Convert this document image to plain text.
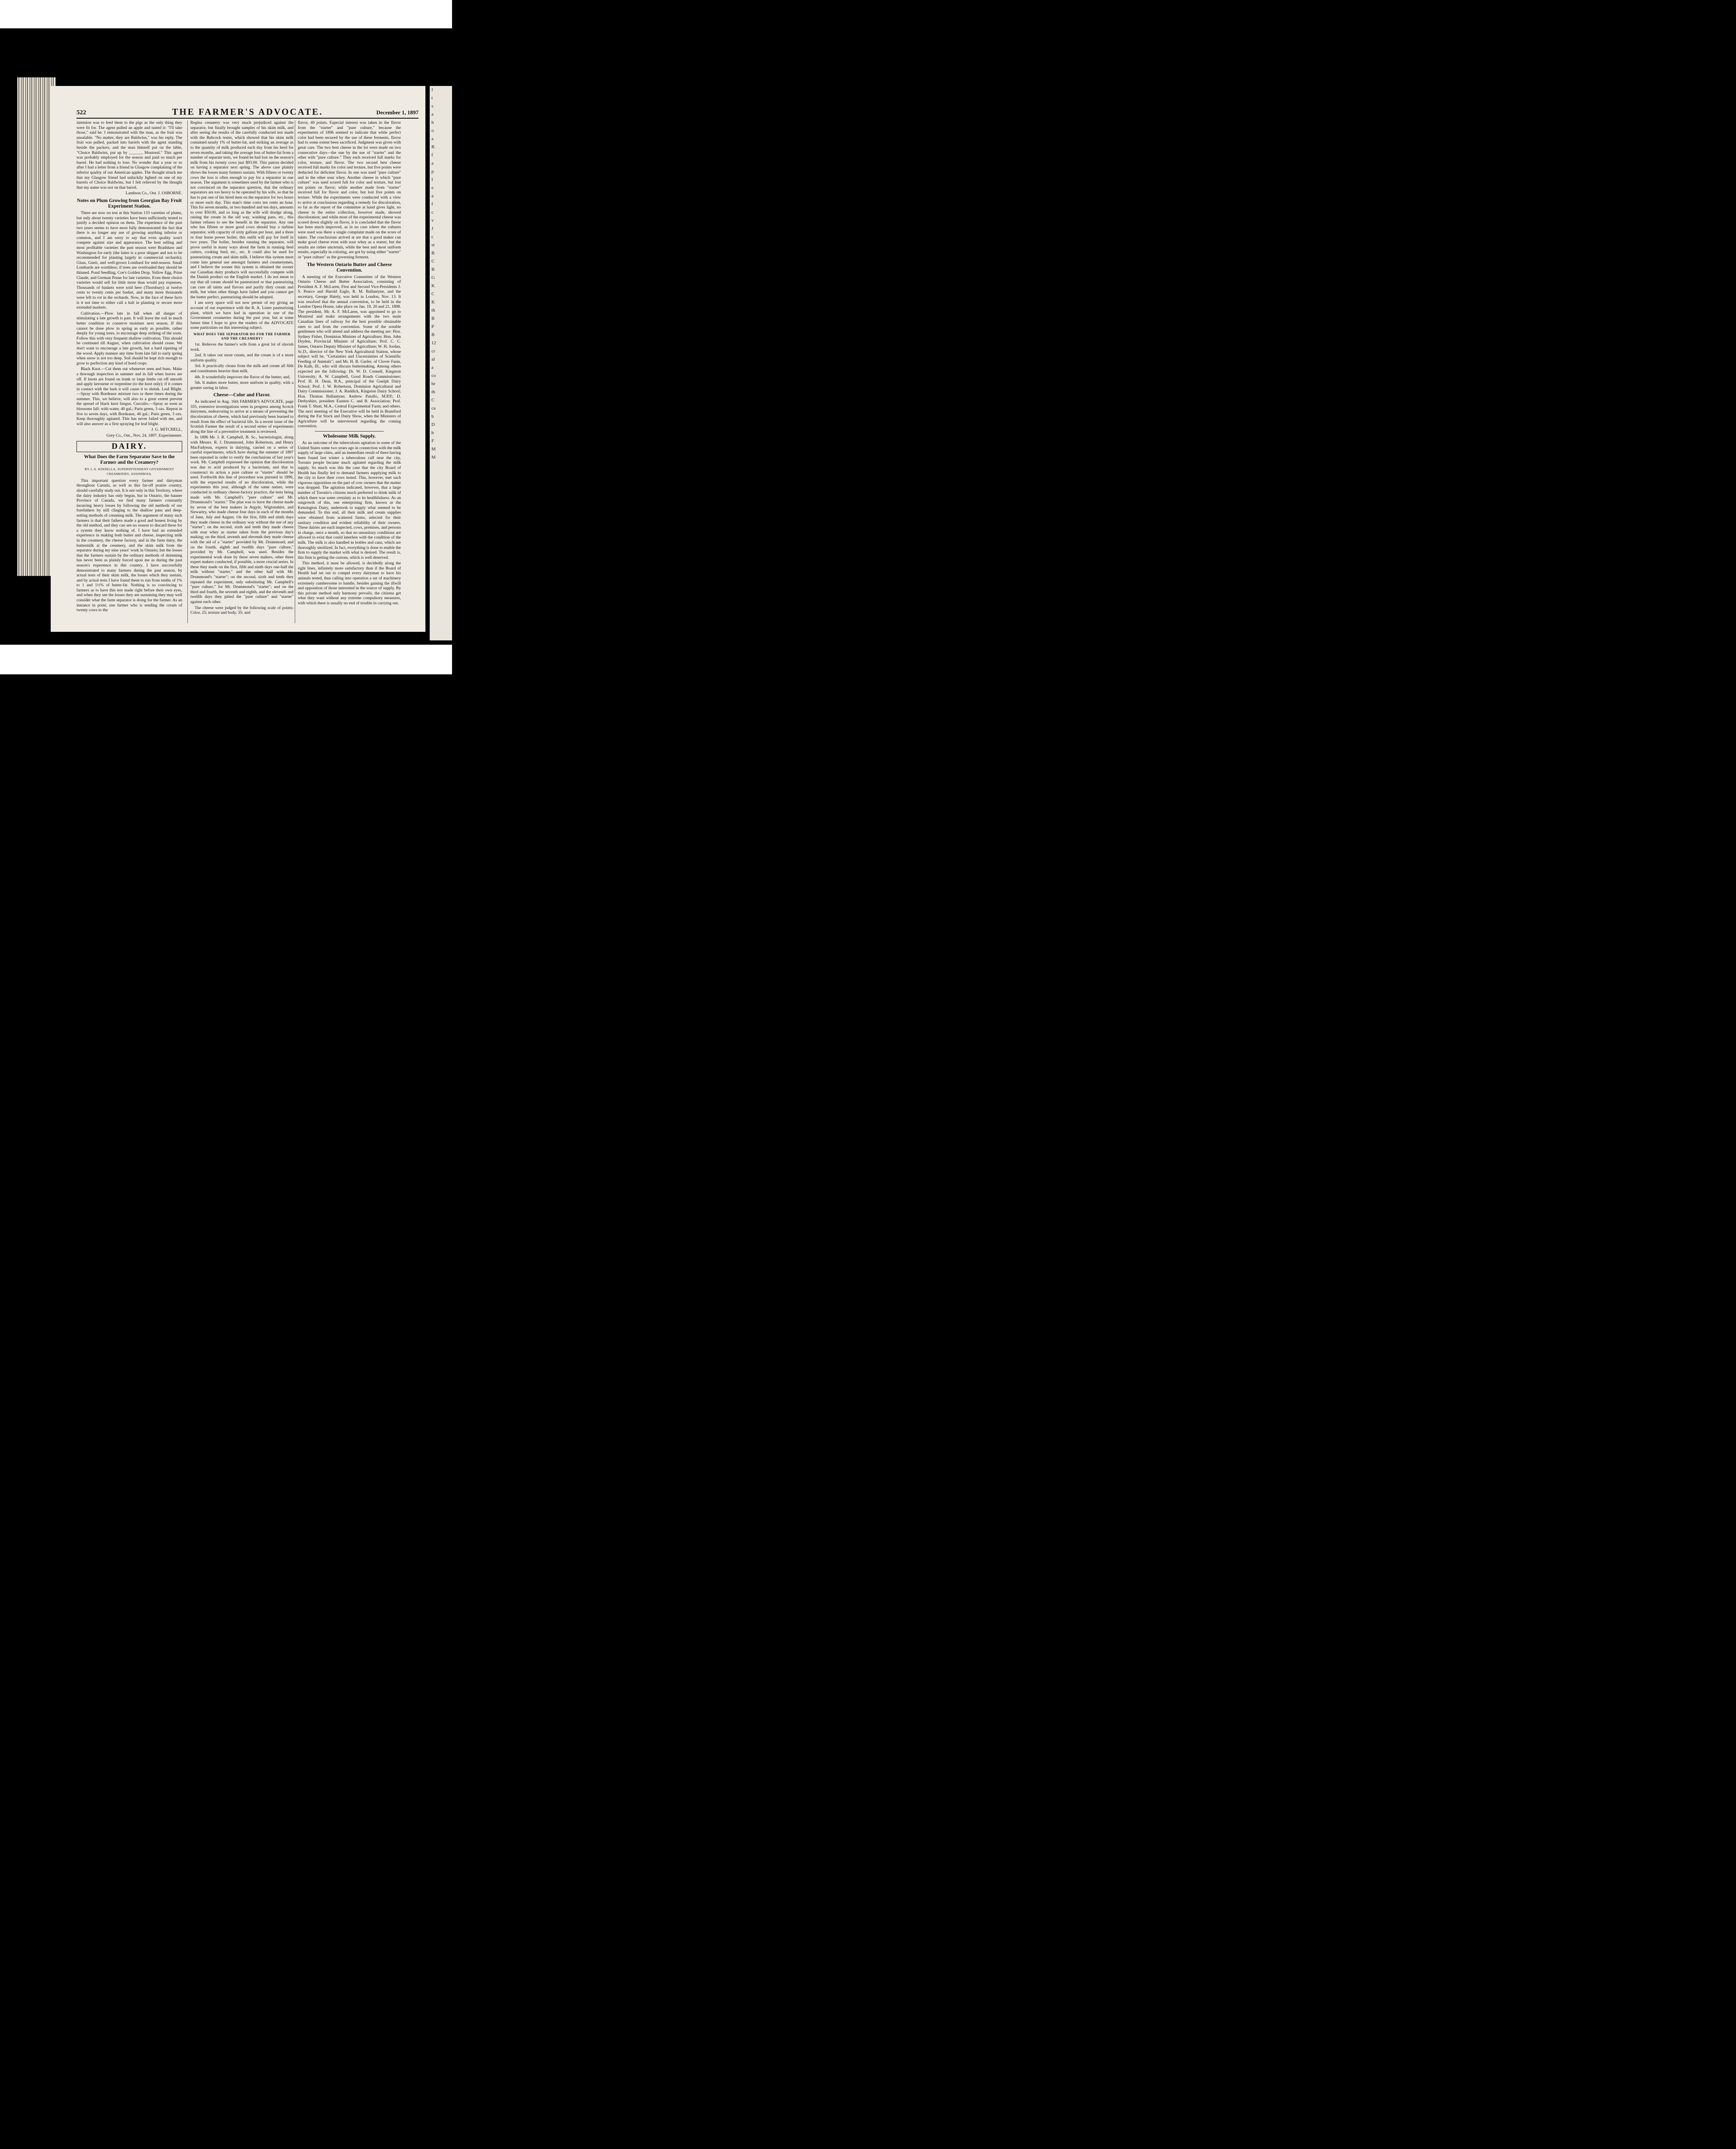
522	THE FARMER'S ADVOCATE.	December 1, 1897

intention was to feed them to the pigs as the only thing they were fit for. The agent pulled an apple and tasted it: "I'll take those," said he. I remonstrated with the man, as the fruit was unsalable. "No matter, they are Baldwins," was his reply. The fruit was pulled, packed into barrels with the agent standing beside the packers, and the man himself put on the lable, "Choice Baldwins, put up by ______, Montreal." This agent was probably employed for the season and paid so much per barrel. He had nothing to lose. No wonder that a year or so after I had a letter from a friend in Glasgow complaining of the inferior quality of our American apples. The thought struck me that my Glasgow friend had unluckily lighted on one of my barrels of Choice Baldwins, but I felt relieved by the thought that my name was not on that barrel.

Lambton Co., Ont. J. OSBORNE.
Notes on Plum Growing from Georgian Bay Fruit Experiment Station.

There are now on test at this Station 133 varieties of plums, but only about twenty varieties have been sufficiently tested to justify a decided opinion on them. The experience of the past two years seems to have most fully demonstrated the fact that there is no longer any use of growing anything inferior or common, and I am sorry to say that even quality won't compete against size and appearance. The best selling and most profitable varieties the past season were Bradshaw and Washington for early (the latter is a poor shipper and not to be recommended for planting largely in commercial orchards); Glass, Gueii, and well-grown Lombard for mid-season. Small Lombards are worthless; if trees are overloaded they should be thinned. Pond Seedling, Coe's Golden Drop, Yellow Egg, Prine Claude, and German Prune for late varieties. Even these choice varieties would sell for little more than would pay expenses. Thousands of baskets were sold here (Thornbury) at twelve cents to twenty cents per basket, and many more thousands were left to rot in the orchards. Now, in the face of these facts is it not time to either call a halt in planting or secure more extended markets.

Cultivation.—Plow late in fall when all danger of stimulating a late growth is past. It will leave the soil in much better condition to conserve moisture next season. If this cannot be done plow in spring as early as possible, rather deeply for young trees, to encourage deep striking of the roots. Follow this with very frequent shallow cultivation. This should be continued till August, when cultivation should cease. We don't want to encourage a late growth, but a hard ripening of the wood. Apply manure any time from late fall to early spring when snow is not too deep. Soil should be kept rich enough to grow to perfection any kind of hoed crops.

Black Knot.—Cut them out whenever seen and burn. Make a thorough inspection in summer and in fall when leaves are off. If knots are found on trunk or large limbs cut off smooth and apply kerosene or turpentine (to the knot only); if it comes in contact with the bark it will cause it to shrink. Leaf Blight.—Spray with Bordeaux mixture two or three times during the summer. This, we believe, will also to a great extent prevent the spread of black knot fungus. Curculio.—Spray as soon as blossoms fall: with water, 40 gal.; Paris green, 3 ozs. Repeat in five to seven days, with Bordeaux, 40 gal.; Paris green, 3 ozs. Keep thoroughly agitated. This has never failed with me, and will also answer as a first spraying for leaf blight.

J. G. MITCHELL,
Grey Co., Ont., Nov. 24, 1897. Experimenter.
DAIRY.
What Does the Farm Separator Save to the Farmer and the Creamery?
BY J. A. KINSELLA, SUPERINTENDENT GOVERNMENT CREAMERIES, ASSINIBOIA.

This important question every farmer and dairyman throughout Canada, as well as this far-off prairie country, should carefully study out. It is not only in this Territory, where the dairy industry has only begun, but in Ontario, the banner Province of Canada, we find many farmers constantly incurring heavy losses by following the old methods of our forefathers by still clinging to the shallow pans and deep-setting methods of creaming milk. The argument of many such farmers is that their fathers made a good and honest living by the old method, and they can see no reason to discard these for a system they know nothing of. I have had an extended experience in making both butter and cheese, inspecting milk in the creamery, the cheese factory, and in the farm dairy, the buttermilk at the creamery, and the skim milk from the separator during my nine years' work in Ontario; but the losses that the farmers sustain by the ordinary methods of skimming has never been as plainly forced upon me as during the past season's experience in this country. I have successfully demonstrated to many farmers during the past season, by actual tests of their skim milk, the losses which they sustain, and by actual tests I have found these to run from tenths of 1% to 1 and 1½% of butter-fat. Nothing is so convincing to farmers as to have this test made right before their own eyes, and when they see the losses they are sustaining they may well consider what the farm separator is doing for the farmer. As an instance in point, one farmer who is sending the cream of twenty cows to the

Regina creamery was very much prejudiced against the separator, but finally brought samples of his skim milk, and after seeing the results of the carefully conducted test made with the Babcock tester, which showed that his skim milk contained nearly 1% of butter-fat, and striking an average as to the quantity of milk produced each day from his herd for seven months, and taking the average loss of butter-fat from a number of separate tests, we found he had lost on the season's milk from his twenty cows just $93.00. This patron decided on having a separator next spring. The above case plainly shows the losses many farmers sustain. With fifteen or twenty cows the loss is often enough to pay for a separator in one season. The argument is sometimes used by the farmer who is not convinced on the separator question, that the ordinary separators are too heavy to be operated by his wife, so that he has to put one of his hired men on the separator for two hours or more each day. This man's time costs ten cents an hour. This for seven months, or two hundred and ten days, amounts to over $50.00, and so long as the wife will drudge along, raising the cream in the old way, washing pans, etc., this farmer refuses to see the benefit in the separator. Any one who has fifteen or more good cows should buy a turbine separator, with capacity of sixty gallons per hour, and a three or four horse power boiler; this outfit will pay for itself in two years. The boiler, besides running the separator, will prove useful in many ways about the farm in running feed cutters, cooking feed, etc., etc. It could also be used for pasteurizing cream and skim milk. I believe this system must come into general use amongst farmers and creamerymen, and I believe the sooner this system is obtained the sooner our Canadian dairy products will successfully compete with the Danish product on the English market. I do not mean to say that all cream should be pasteurized or that pasteurizing can cure all taints and flavors and purify dirty cream and milk, but when other things have failed and you cannot get the butter perfect, pasteurizing should be adopted.

I am sorry space will not now permit of my giving an account of our experience with the R. A. Lister pasteurizing plant, which we have had in operation in one of the Government creameries during the past year, but at some future time I hope to give the readers of the ADVOCATE some particulars on this interesting subject.

WHAT DOES THE SEPARATOR DO FOR THE FARMER AND THE CREAMERY?

1st. Relieves the farmer's wife from a great lot of slavish work.

2nd. It takes out more cream, and the cream is of a more uniform quality.

3rd. It practically cleans from the milk and cream all filth and constituents heavier than milk.

4th. It wonderfully improves the flavor of the butter; and,

5th. It makes more butter, more uniform in quality, with a greater saving in labor.

Cheese—Color and Flavor.

As indicated in Aug. 16th FARMER'S ADVOCATE, page 355, extensive investigations were in progress among Scotch dairymen, endeavoring to arrive at a means of preventing the discoloration of cheese, which had previously been learned to result from the effect of bacterial life. In a recent issue of the Scottish Farmer the result of a second series of experiments along the line of a preventive treatment is reviewed.

In 1896 Mr. J. R. Campbell, B. Sc., bacteriologist, along with Messrs. R. J. Drummond, John Robertson, and Henry MacFadyean, experts in dairying, carried on a series of careful experiments, which have during the summer of 1897 been repeated in order to verify the conclusions of last year's work. Mr. Campbell expressed the opinion that discoloration was due to acid produced by a bacterium, and that to counteract its action a pure culture or "starter" should be used. Forthwith this line of procedure was pursued in 1896, with the expected results of no discoloration, while the experiments this year, although of the same nature, were conducted in ordinary cheese-factory practice, the tests being made with Mr. Campbell's "pure culture" and Mr. Drummond's "starter." The plan was to have the cheese made by seven of the best makers in Argyle, Wigtonshire, and Stewartry, who made cheese four days in each of the months of June, July and August. On the first, fifth and ninth days they made cheese in the ordinary way without the use of any "starter"; on the second, sixth and tenth they made cheese with sour whey as starter taken from the previous day's making; on the third, seventh and eleventh they made cheese with the aid of a "starter" provided by Mr. Drummond; and on the fourth, eighth and twelfth days "pure culture," provided by Mr. Campbell, was used. Besides the experimental work done by these seven makers, other three expert makers conducted, if possible, a more crucial series. In these they made on the first, fifth and ninth days one-half the milk without "starter," and the other half with Mr. Drummond's "starter"; on the second, sixth and tenth they repeated the experiment, only substituting Mr. Campbell's "pure culture," for Mr. Drummond's "starter"; and on the third and fourth, the seventh and eighth, and the eleventh and twelfth days they pitted the "pure culture" and "starter" against each other.

The cheese were judged by the following scale of points: Color, 25; texture and body, 35; and

flavor, 40 points. Especial interest was taken in the flavor from the "starter" and "pure culture," because the experiments of 1896 seemed to indicate that while perfect color had been secured by the use of these ferments, flavor had to some extent been sacrificed. Judgment was given with great care. The two best cheese in the lot were made on two consecutive days—the one by the use of "starter" and the other with "pure culture." They each received full marks for color, texture, and flavor. The two second best cheese received full marks for color and texture, but five points were deducted for deficient flavor. In one was used "pure culture" and in the other sour whey. Another cheese in which "pure culture" was used scored full for color and texture, but lost ten points on flavor; while another made from "starter" received full for flavor and color, but lost five points on texture. While the experiments were conducted with a view to arrive at conclusions regarding a remedy for discoloration, so far as the report of the committee at hand gives light, no cheese in the entire collection, however made, showed discoloration; and while most of the experimental cheese was scored down slightly on flavor, it is concluded that the flavor has been much improved, as in no case where the cultures were used was there a single complaint made on the score of taints. The conclusions arrived at are that a good maker can make good cheese even with sour whey as a starter, but the results are rather uncertain, while the best and most uniform results, especially in coloring, are got by using either "starter" or "pure culture" as the governing ferment.

The Western Ontario Butter and Cheese Convention.

A meeting of the Executive Committee of the Western Ontario Cheese and Butter Association, consisting of President A. F. McLaren, First and Second Vice-Presidents J. S. Pearce and Harold Eagle, R. M. Ballantyne, and the secretary, George Hately, was held in London, Nov. 13. It was resolved that the annual convention, to be held in the London Opera House, take place on Jan. 19, 20 and 21, 1898. The president, Mr. A. F. McLaren, was appointed to go to Montreal and make arrangements with the two main Canadian lines of railway for the best possible obtainable rates to and from the convention. Some of the notable gentlemen who will attend and address the meeting are: Hon. Sydney Fisher, Dominion Minister of Agriculture; Hon. John Dryden, Provincial Minister of Agriculture; Prof. C. C. James, Ontario Deputy Minister of Agriculture; W. H. Jordan, Sc.D., director of the New York Agricultural Station, whose subject will be, "Certainties and Uncertainties of Scientific Feeding of Animals"; and Mr. H. B. Gurler, of Clover Farm, De Kalb, Ill., who will discuss buttermaking. Among others expected are the following: Dr. W. D. Connell, Kingston University; A. W. Campbell, Good Roads Commissioner; Prof. H. H. Dean, B.A., principal of the Guelph Dairy School; Prof. J. W. Robertson, Dominion Agricultural and Dairy Commissioner; J. A. Ruddick, Kingston Dairy School; Hon. Thomas Ballantyne; Andrew Patullo, M.P.P.; D. Derbyshire, president Eastern C. and B. Association; Prof. Frank T. Shutt, M.A., Central Experimental Farm; and others. The next meeting of the Executive will be held in Brantford during the Fat Stock and Dairy Show, when the Ministers of Agriculture will be interviewed regarding the coming convention.

Wholesome Milk Supply.

As an outcome of the tuberculosis agitation in some of the United States some two years ago in connection with the milk supply of large cities, and an immediate result of there having been found last winter a tuberculous calf near the city, Toronto people became much agitated regarding the milk supply. So much was this the case that the city Board of Health has finally led to demand farmers supplying milk to the city to have their cows tested. This, however, met such vigorous opposition on the part of cow owners that the matter was dropped. The agitation indicated, however, that a large number of Toronto's citizens much preferred to drink milk of which there was some certainty as to its healthfulness. As an outgrowth of this, one enterprising firm, known as the Kensington Dairy, undertook to supply what seemed to be demanded. To this end, all their milk and cream supplies were obtained from scattered farms, selected for their sanitary condition and evident reliability of their owners. These dairies are each inspected, cows, premises, and persons in charge, once a month, so that no unsanitary conditions are allowed to exist that could interfere with the condition of the milk. The milk is also handled in bottles and cans, which are thoroughly sterilized. In fact, everything is done to enable the firm to supply the market with what is desired. The result is, this firm is getting the custom, which is well deserved.

This method, it must be allowed, is decidedly along the right lines, infinitely more satisfactory than if the Board of Health had set out to compel every dairyman to have his animals tested, thus calling into operation a set of machinery extremely cumbersome to handle, besides gaining the illwill and opposition of those interested in the source of supply. By this private method only harmony prevails, the citizens get what they want without any extreme compulsory measures, with which there is usually no end of trouble in carrying out.

I
t
s
a
h
o
a
R
f
a
p
I
e
a
f
c
v
J
c
st
B
C
B
G
K
C
K
th
B
P
B
12
cr
al
a
co
br
th
C
ca
b
D
h
F
M
M
